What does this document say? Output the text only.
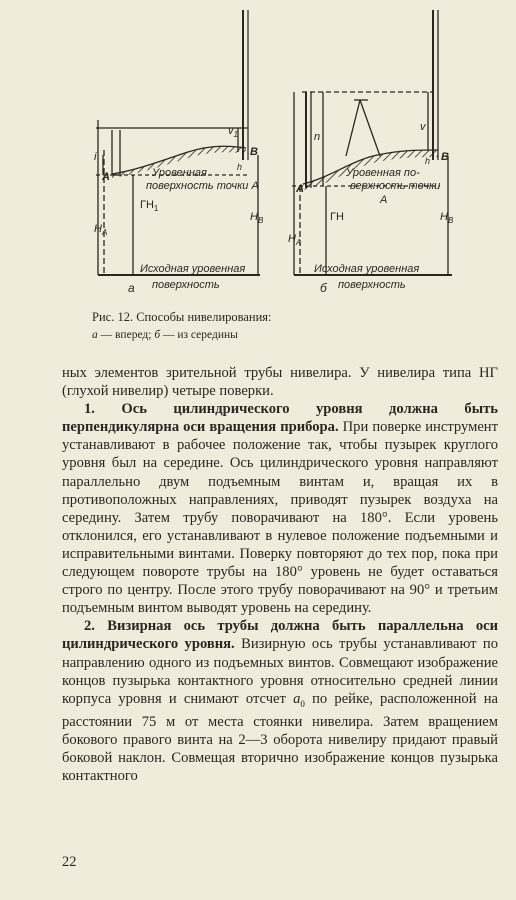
A
B
i
$v_1$
h
Уровенная
поверхность точки А
$ГН_1$
$H_A$
$H_B$
Исходная уровенная
поверхность
а
A
B
n
v
h
Уровенная по-
верхность точки
A
ГН
$H_A$
$H_B$
Исходная уровенная
поверхность
б
Рис. 12. Способы нивелирования:
а — вперед; б — из середины

ных элементов зрительной трубы нивелира. У нивелира типа НГ (глухой нивелир) четыре поверки.

1. Ось цилиндрического уровня должна быть перпендикулярна оси вращения прибора. При поверке инструмент устанавливают в рабочее положение так, чтобы пузырек круглого уровня был на середине. Ось цилиндрического уровня направляют параллельно двум подъемным винтам и, вращая их в противоположных направлениях, приводят пузырек воздуха на середину. Затем трубу поворачивают на 180°. Если уровень отклонился, его устанавливают в нулевое положение подъемными и исправительными винтами. Поверку повторяют до тех пор, пока при следующем повороте трубы на 180° уровень не будет оставаться строго по центру. После этого трубу поворачивают на 90° и третьим подъемным винтом выводят уровень на середину.

2. Визирная ось трубы должна быть параллельна оси цилиндрического уровня. Визирную ось трубы устанавливают по направлению одного из подъемных винтов. Совмещают изображение концов пузырька контактного уровня относительно средней линии корпуса уровня и снимают отсчет $a_0$ по рейке, расположенной на расстоянии 75 м от места стоянки нивелира. Затем вращением бокового правого винта на 2—3 оборота нивелиру придают правый боковой наклон. Совмещая вторично изображение концов пузырька контактного

22
